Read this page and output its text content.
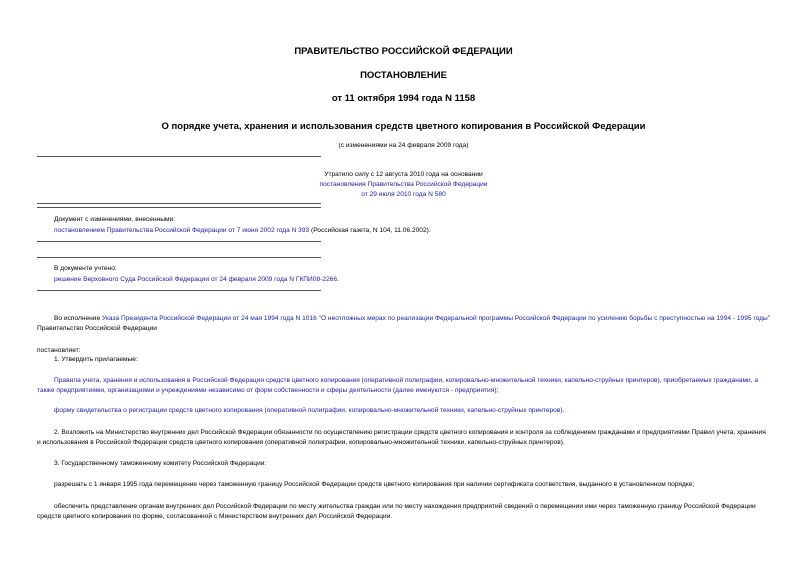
ПРАВИТЕЛЬСТВО РОССИЙСКОЙ ФЕДЕРАЦИИ
ПОСТАНОВЛЕНИЕ
от 11 октября 1994 года N 1158
О порядке учета, хранения и использования средств цветного копирования в Российской Федерации
(с изменениями на 24 февраля 2009 года)
Утратило силу с 12 августа 2010 года на основании
постановления Правительства Российской Федерации
от 29 июля 2010 года N 580
Документ с изменениями, внесенными:
постановлением Правительства Российской Федерации от 7 июня 2002 года N 393 (Российская газета, N 104, 11.06.2002).
В документе учтено:
решение Верховного Суда Российской Федерации от 24 февраля 2009 года N ГКПИ08-2266.
Во исполнение Указа Президента Российской Федерации от 24 мая 1994 года N 1016 "О неотложных мерах по реализации Федеральной программы Российской Федерации по усилению борьбы с преступностью на 1994 - 1995 годы" Правительство Российской Федерации
постановляет:
1. Утвердить прилагаемые:
Правила учета, хранения и использования в Российской Федерации средств цветного копирования (оперативной полиграфии, копировально-множительной техники, капельно-струйных принтеров), приобретаемых гражданами, а также предприятиями, организациями и учреждениями независимо от форм собственности и сферы деятельности (далее именуются - предприятия);
форму свидетельства о регистрации средств цветного копирования (оперативной полиграфии, копировально-множительной техники, капельно-струйных принтеров).
2. Возложить на Министерство внутренних дел Российской Федерации обязанности по осуществлению регистрации средств цветного копирования и контроля за соблюдением гражданами и предприятиями Правил учета, хранения и использования в Российской Федерации средств цветного копирования (оперативной полиграфии, копировально-множительной техники, капельно-струйных принтеров).
3. Государственному таможенному комитету Российской Федерации:
разрешать с 1 января 1995 года перемещение через таможенную границу Российской Федерации средств цветного копирования при наличии сертификата соответствия, выданного в установленном порядке;
обеспечить представление органам внутренних дел Российской Федерации по месту жительства граждан или по месту нахождения предприятий сведений о перемещении ими через таможенную границу Российской Федерации средств цветного копирования по форме, согласованной с Министерством внутренних дел Российской Федерации.
